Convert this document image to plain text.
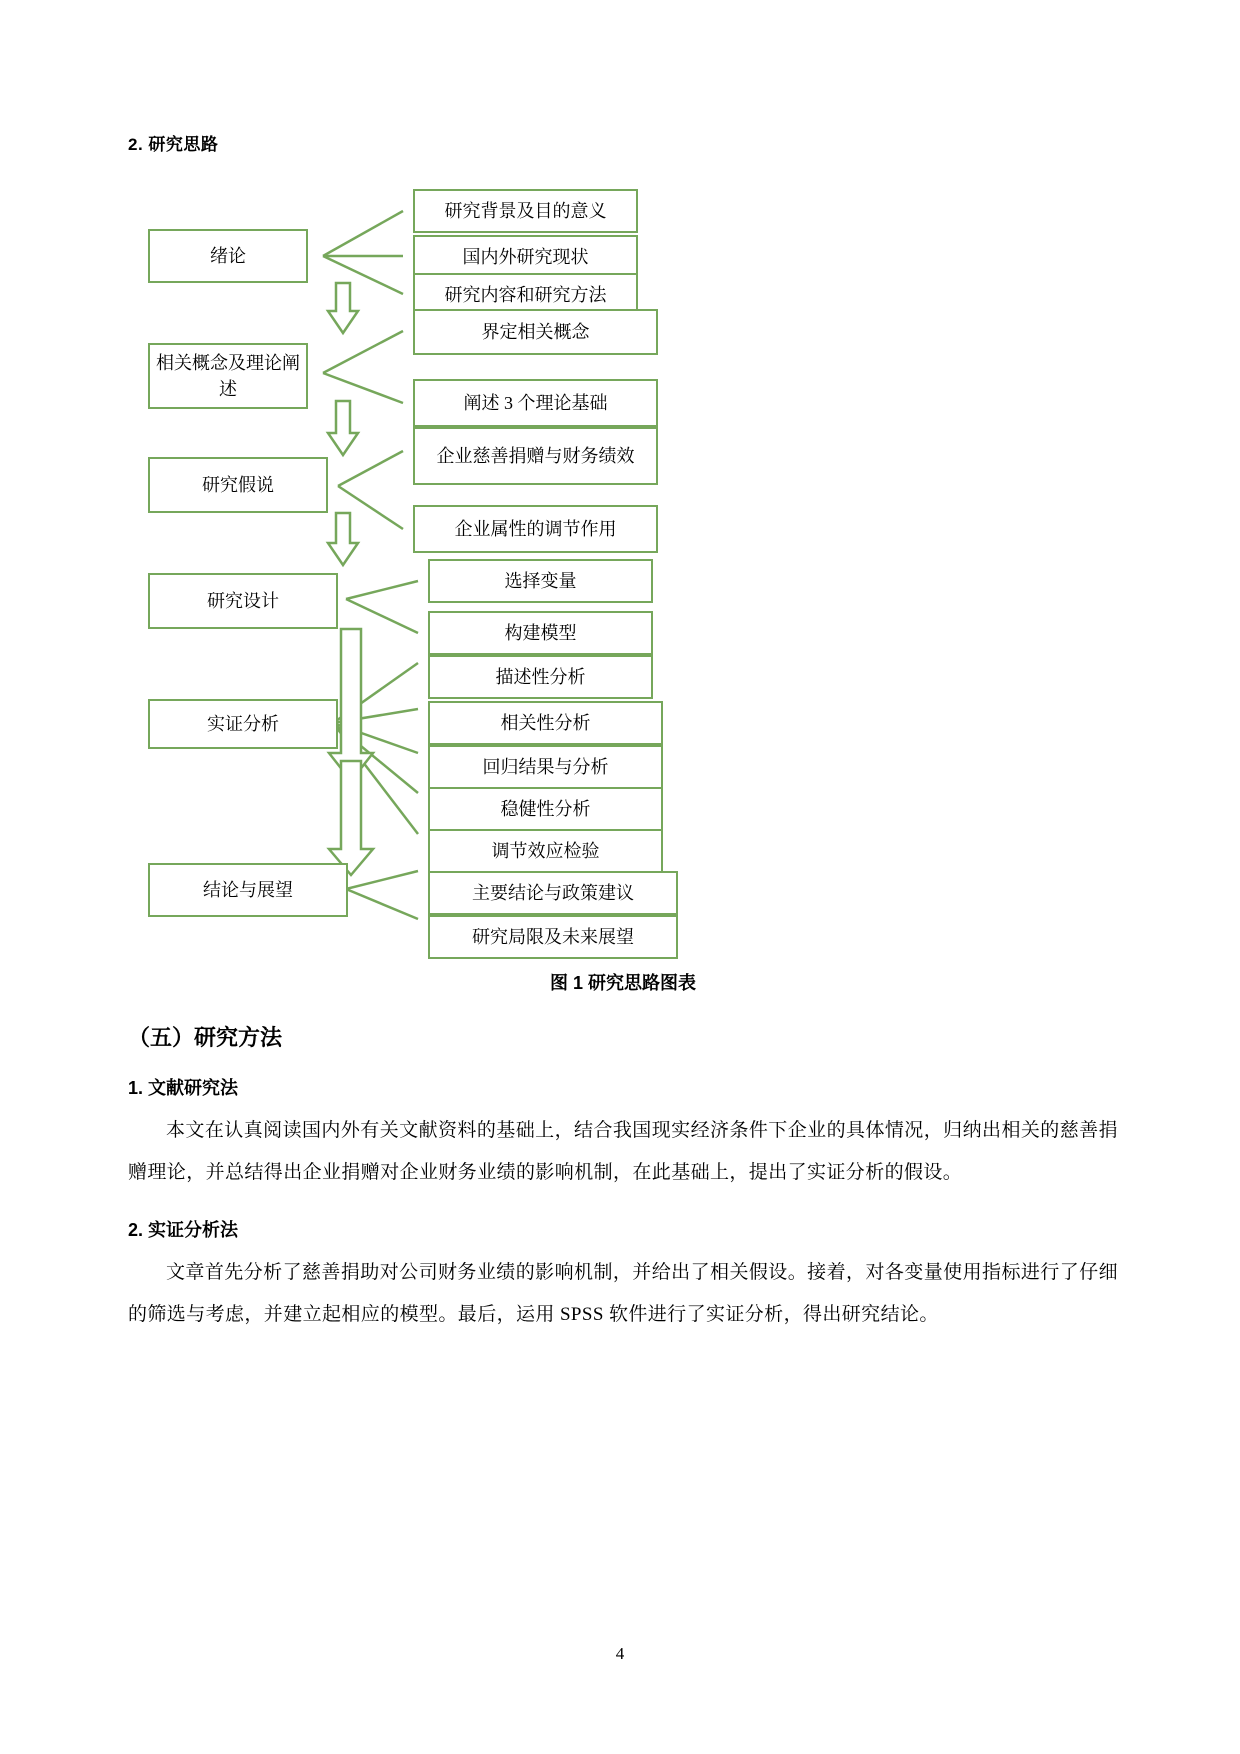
2. 研究思路
绪论
相关概念及理论阐述
研究假说
研究设计
实证分析
结论与展望
研究背景及目的意义
国内外研究现状
研究内容和研究方法
界定相关概念
阐述 3 个理论基础
企业慈善捐赠与财务绩效
企业属性的调节作用
选择变量
构建模型
描述性分析
相关性分析
回归结果与分析
稳健性分析
调节效应检验
主要结论与政策建议
研究局限及未来展望
图 1 研究思路图表
（五）研究方法
1. 文献研究法

本文在认真阅读国内外有关文献资料的基础上，结合我国现实经济条件下企业的具体情况，归纳出相关的慈善捐赠理论，并总结得出企业捐赠对企业财务业绩的影响机制，在此基础上，提出了实证分析的假设。

2. 实证分析法

文章首先分析了慈善捐助对公司财务业绩的影响机制，并给出了相关假设。接着，对各变量使用指标进行了仔细的筛选与考虑，并建立起相应的模型。最后，运用 SPSS 软件进行了实证分析，得出研究结论。

4
